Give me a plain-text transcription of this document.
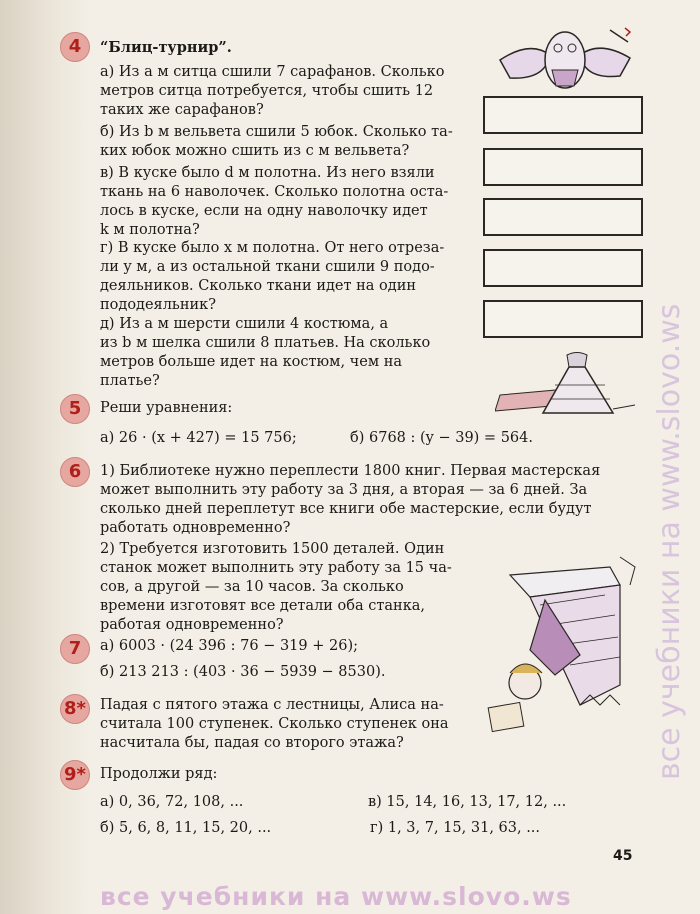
4	“Блиц-турнир”.
а) Из a м ситца сшили 7 сарафанов. Сколько
метров ситца потребуется, чтобы сшить 12
таких же сарафанов?
б) Из b м вельвета сшили 5 юбок. Сколько та-
ких юбок можно сшить из c м вельвета?
в) В куске было d м полотна. Из него взяли
ткань на 6 наволочек. Сколько полотна оста-
лось в куске, если на одну наволочку идет
k м полотна?
г) В куске было x м полотна. От него отреза-
ли y м, а из остальной ткани сшили 9 подо-
деяльников. Сколько ткани идет на один
пододеяльник?
д) Из a м шерсти сшили 4 костюма, а
из b м шелка сшили 8 платьев. На сколько
метров больше идет на костюм, чем на
платье?
5	Реши уравнения:
а) 26 · (x + 427) = 15 756;	б) 6768 : (y − 39) = 564.
6	1) Библиотеке нужно переплести 1800 книг. Первая мастерская
может выполнить эту работу за 3 дня, а вторая — за 6 дней. За
сколько дней переплетут все книги обе мастерские, если будут
работать одновременно?
2) Требуется изготовить 1500 деталей. Один
станок может выполнить эту работу за 15 ча-
сов, а другой — за 10 часов. За сколько
времени изготовят все детали оба станка,
работая одновременно?
7	а) 6003 · (24 396 : 76 − 319 + 26);
б) 213 213 : (403 · 36 − 5939 − 8530).
8* Падая с пятого этажа с лестницы, Алиса на-
считала 100 ступенек. Сколько ступенек она
насчитала бы, падая со второго этажа?
9* Продолжи ряд:
а) 0, 36, 72, 108, ...	в) 15, 14, 16, 13, 17, 12, ...
б) 5, 6, 8, 11, 15, 20, ...	г) 1, 3, 7, 15, 31, 63, ...
45
все учебники на www.slovo.ws
все учебники на www.slovo.ws
